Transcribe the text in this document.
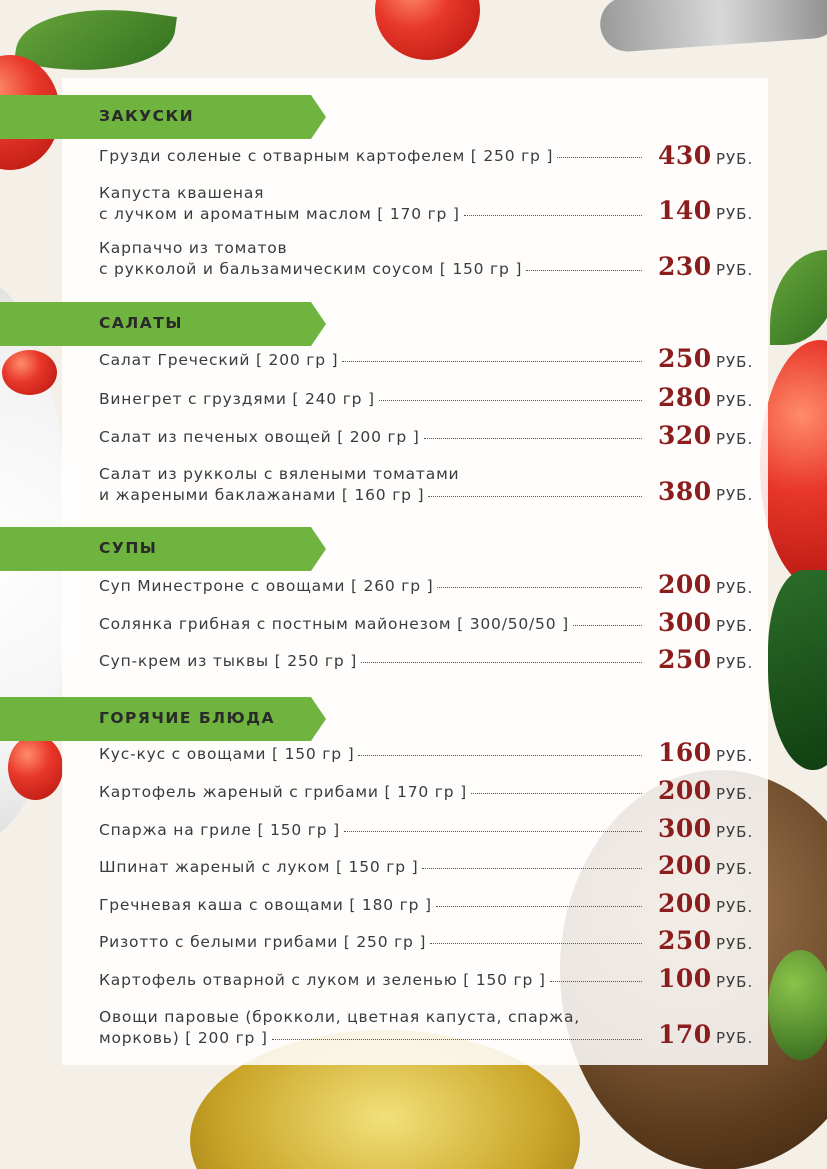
ЗАКУСКИ
Грузди соленые с отварным картофелем [ 250 гр ]	430 РУБ.
Капуста квашеная
с лучком и ароматным маслом [ 170 гр ]	140 РУБ.
Карпаччо из томатов
с рукколой и бальзамическим соусом [ 150 гр ]	230 РУБ.
САЛАТЫ
Салат Греческий [ 200 гр ]	250 РУБ.
Винегрет с груздями [ 240 гр ]	280 РУБ.
Салат из печеных овощей [ 200 гр ]	320 РУБ.
Салат из рукколы с вялеными томатами
и жареными баклажанами [ 160 гр ]	380 РУБ.
СУПЫ
Суп Минестроне с овощами [ 260 гр ]	200 РУБ.
Солянка грибная с постным майонезом [ 300/50/50 ]	300 РУБ.
Суп-крем из тыквы [ 250 гр ]	250 РУБ.
ГОРЯЧИЕ БЛЮДА
Кус-кус с овощами [ 150 гр ]	160 РУБ.
Картофель жареный с грибами [ 170 гр ]	200 РУБ.
Спаржа на гриле [ 150 гр ]	300 РУБ.
Шпинат жареный с луком [ 150 гр ]	200 РУБ.
Гречневая каша с овощами [ 180 гр ]	200 РУБ.
Ризотто с белыми грибами [ 250 гр ]	250 РУБ.
Картофель отварной с луком и зеленью [ 150 гр ]	100 РУБ.
Овощи паровые (брокколи, цветная капуста, спаржа,
морковь) [ 200 гр ]	170 РУБ.
